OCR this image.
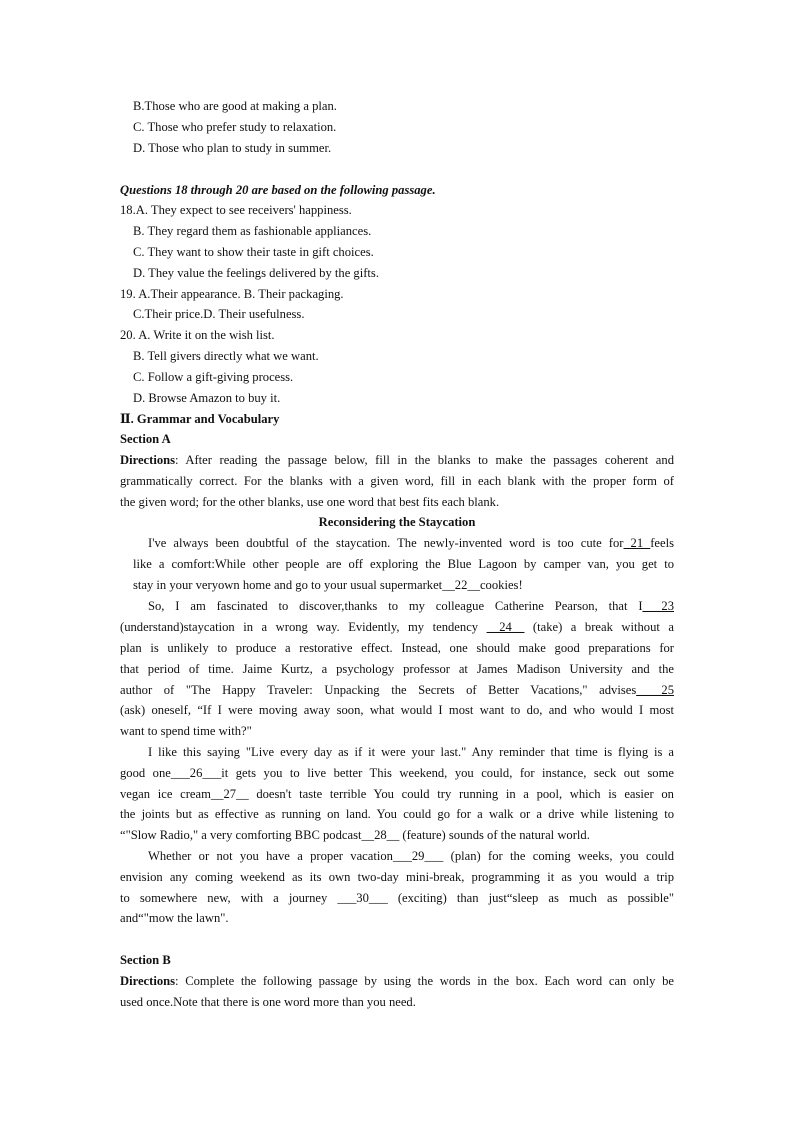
B.Those who are good at making a plan.
C. Those who prefer study to relaxation.
D. Those who plan to study in summer.
Questions 18 through 20 are based on the following passage.
18.A. They expect to see receivers' happiness.
B. They regard them as fashionable appliances.
C. They want to show their taste in gift choices.
D. They value the feelings delivered by the gifts.
19. A.Their appearance. B. Their packaging.
C.Their price.D. Their usefulness.
20. A. Write it on the wish list.
B. Tell givers directly what we want.
C. Follow a gift-giving process.
D. Browse Amazon to buy it.
Ⅱ. Grammar and Vocabulary
Section A
Directions: After reading the passage below, fill in the blanks to make the passages coherent and
grammatically correct. For the blanks with a given word, fill in each blank with the proper form of
the given word; for the other blanks, use one word that best fits each blank.
Reconsidering the Staycation
I've always been doubtful of the staycation. The newly-invented word is too cute for 21 feels
like a comfort:While other people are off exploring the Blue Lagoon by camper van, you get to
stay in your veryown home and go to your usual supermarket__22__cookies!
So, I am fascinated to discover,thanks to my colleague Catherine Pearson, that I___23
(understand)staycation in a wrong way. Evidently, my tendency __24__ (take) a break without a
plan is unlikely to produce a restorative effect. Instead, one should make good preparations for
that period of time. Jaime Kurtz, a psychology professor at James Madison University and the
author of "The Happy Traveler: Unpacking the Secrets of Better Vacations," advises____25
(ask) oneself, “If I were moving away soon, what would I most want to do, and who would I most
want to spend time with?"
I like this saying "Live every day as if it were your last." Any reminder that time is flying is a
good one___26___it gets you to live better This weekend, you could, for instance, seck out some
vegan ice cream__27__ doesn't taste terrible You could try running in a pool, which is easier on
the joints but as effective as running on land. You could go for a walk or a drive while listening to
“"Slow Radio," a very comforting BBC podcast__28__ (feature) sounds of the natural world.
Whether or not you have a proper vacation___29___ (plan) for the coming weeks, you could
envision any coming weekend as its own two-day mini-break, programming it as you would a trip
to somewhere new, with a journey ___30___ (exciting) than just“sleep as much as possible"
and“"mow the lawn".
Section B
Directions: Complete the following passage by using the words in the box. Each word can only be
used once.Note that there is one word more than you need.
